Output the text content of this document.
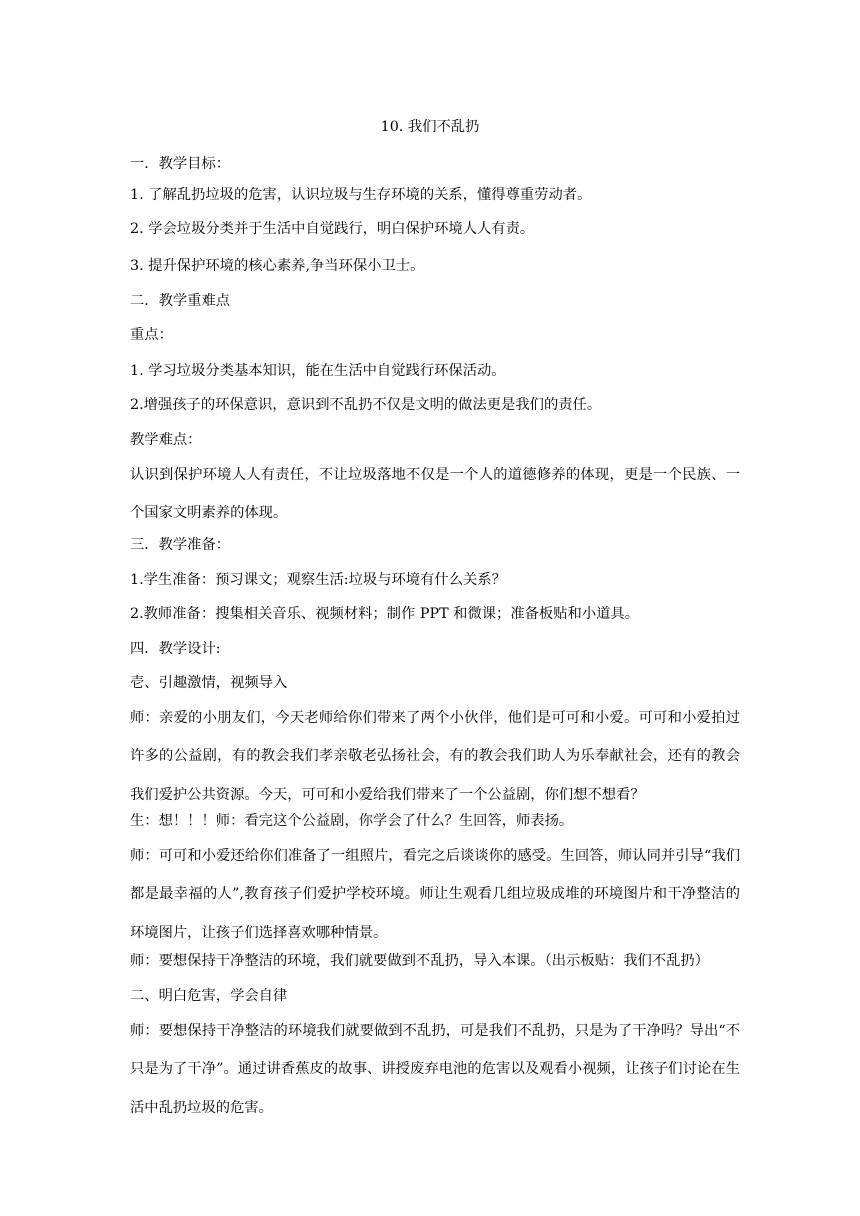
10. 我们不乱扔
一．教学目标：
1. 了解乱扔垃圾的危害，认识垃圾与生存环境的关系，懂得尊重劳动者。
2. 学会垃圾分类并于生活中自觉践行，明白保护环境人人有责。
3. 提升保护环境的核心素养,争当环保小卫士。
二．教学重难点
重点：
1. 学习垃圾分类基本知识，能在生活中自觉践行环保活动。
2.增强孩子的环保意识，意识到不乱扔不仅是文明的做法更是我们的责任。
教学难点：
认识到保护环境人人有责任，不让垃圾落地不仅是一个人的道德修养的体现，更是一个民族、一个国家文明素养的体现。
三．教学准备：
1.学生准备：预习课文；观察生活:垃圾与环境有什么关系？
2.教师准备：搜集相关音乐、视频材料；制作 PPT 和微课；准备板贴和小道具。
四．教学设计:
壱、引趣激情，视频导入
师：亲爱的小朋友们，今天老师给你们带来了两个小伙伴，他们是可可和小爱。可可和小爱拍过许多的公益剧，有的教会我们孝亲敬老弘扬社会，有的教会我们助人为乐奉献社会，还有的教会我们爱护公共资源。今天，可可和小爱给我们带来了一个公益剧，你们想不想看？
生：想！！！师：看完这个公益剧，你学会了什么？生回答，师表扬。
师：可可和小爱还给你们准备了一组照片，看完之后谈谈你的感受。生回答，师认同并引导“我们都是最幸福的人”,教育孩子们爱护学校环境。师让生观看几组垃圾成堆的环境图片和干净整洁的环境图片，让孩子们选择喜欢哪种情景。
师：要想保持干净整洁的环境，我们就要做到不乱扔，导入本课。（出示板贴：我们不乱扔）
二、明白危害，学会自律
师：要想保持干净整洁的环境我们就要做到不乱扔，可是我们不乱扔，只是为了干净吗？导出“不只是为了干净”。通过讲香蕉皮的故事、讲授废弃电池的危害以及观看小视频，让孩子们讨论在生活中乱扔垃圾的危害。
